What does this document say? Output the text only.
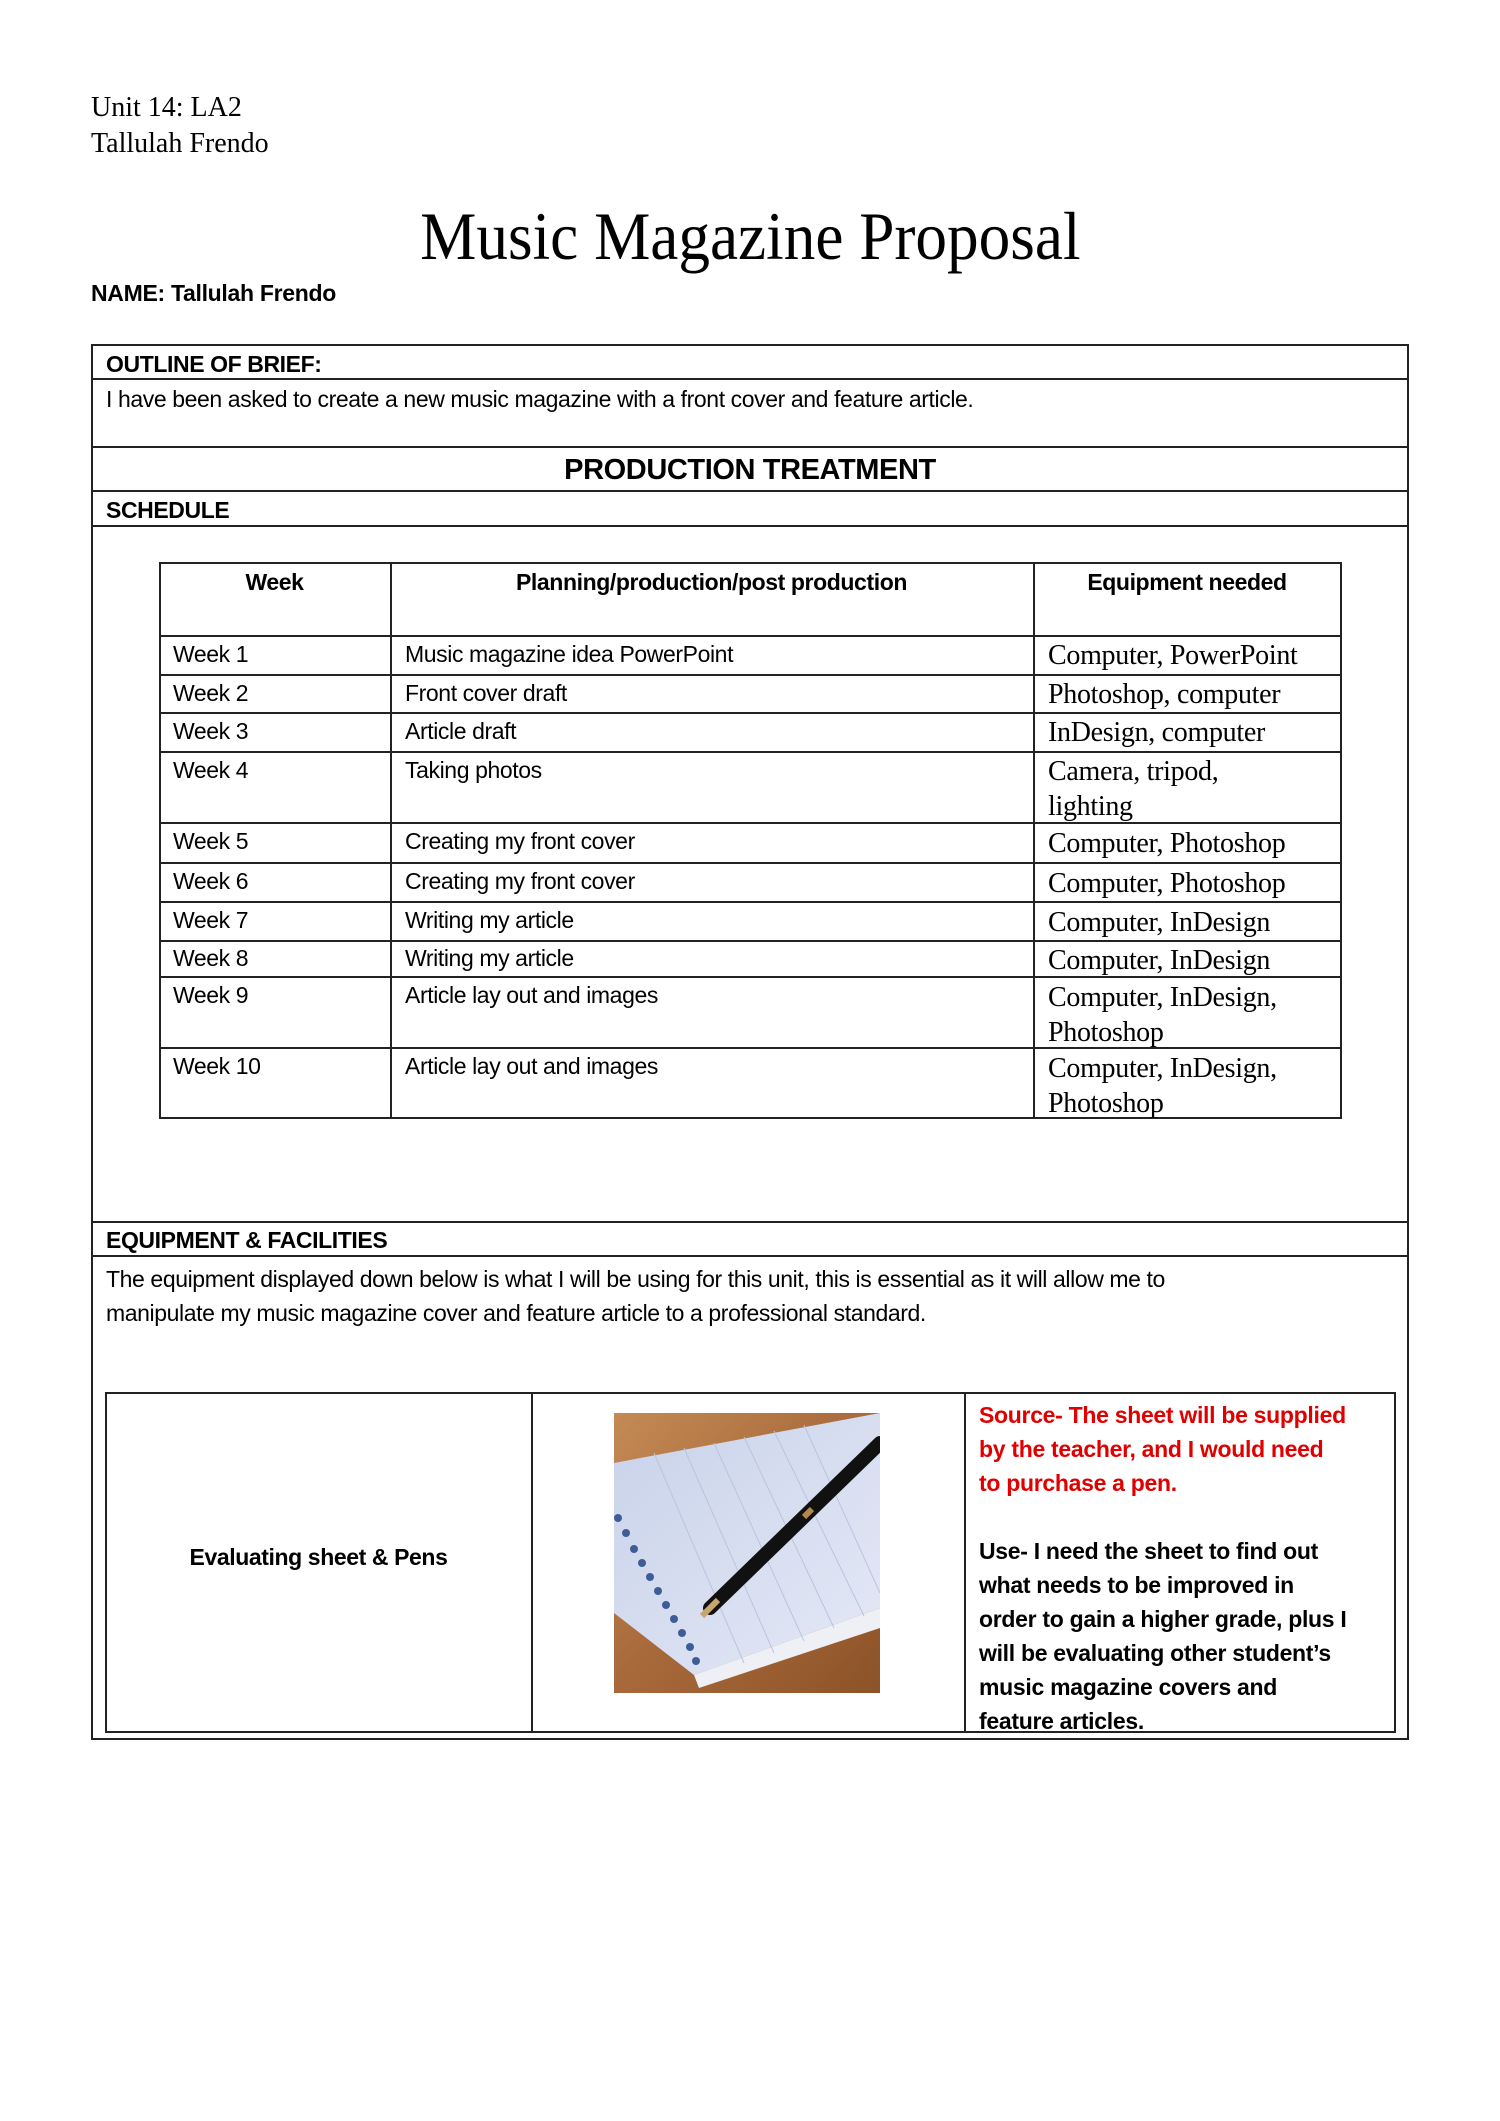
Unit 14: LA2
Tallulah Frendo
Music Magazine Proposal
NAME: Tallulah Frendo
OUTLINE OF BRIEF:
I have been asked to create a new music magazine with a front cover and feature article.
PRODUCTION TREATMENT
SCHEDULE
Week	Planning/production/post production	Equipment needed
Week 1	Music magazine idea PowerPoint	Computer, PowerPoint
Week 2	Front cover draft	Photoshop, computer
Week 3	Article draft	InDesign, computer
Week 4	Taking photos	Camera, tripod,
lighting
Week 5	Creating my front cover	Computer, Photoshop
Week 6	Creating my front cover	Computer, Photoshop
Week 7	Writing my article	Computer, InDesign
Week 8	Writing my article	Computer, InDesign
Week 9	Article lay out and images	Computer, InDesign,
Photoshop
Week 10	Article lay out and images	Computer, InDesign,
Photoshop
EQUIPMENT & FACILITIES
The equipment displayed down below is what I will be using for this unit, this is essential as it will allow me to
manipulate my music magazine cover and feature article to a professional standard.
Evaluating sheet & Pens
Source- The sheet will be supplied
by the teacher, and I would need
to purchase a pen.
Use- I need the sheet to find out
what needs to be improved in
order to gain a higher grade, plus I
will be evaluating other student’s
music magazine covers and
feature articles.
